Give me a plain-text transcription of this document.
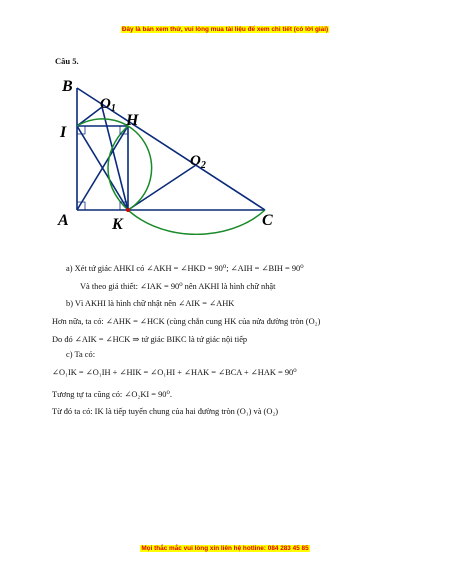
Đây là bản xem thử, vui lòng mua tài liệu để xem chi tiết (có lời giải)
Câu 5.
B
$O_1$
H
I
$O_2$
A	K	C
a) Xét tứ giác AHKI có ∠AKH = ∠HKD = 90⁰; ∠AIH = ∠BIH = 90⁰
Và theo giả thiết: ∠IAK = 90⁰ nên AKHI là hình chữ nhật
b) Vì AKHI là hình chữ nhật nên ∠AIK = ∠AHK
Hơn nữa, ta có: ∠AHK = ∠HCK (cùng chắn cung HK của nửa đường tròn (O₂)
Do đó ∠AIK = ∠HCK ⇒ tứ giác BIKC là tứ giác nội tiếp
c) Ta có:
∠O₁IK = ∠O₁IH + ∠HIK = ∠O₁HI + ∠HAK = ∠BCA + ∠HAK = 90⁰
Tương tự ta cũng có: ∠O₂KI = 90⁰.
Từ đó ta có: IK là tiếp tuyến chung của hai đường tròn (O₁) và (O₂)
Mọi thắc mắc vui lòng xin liên hệ hotline: 084 283 45 85
